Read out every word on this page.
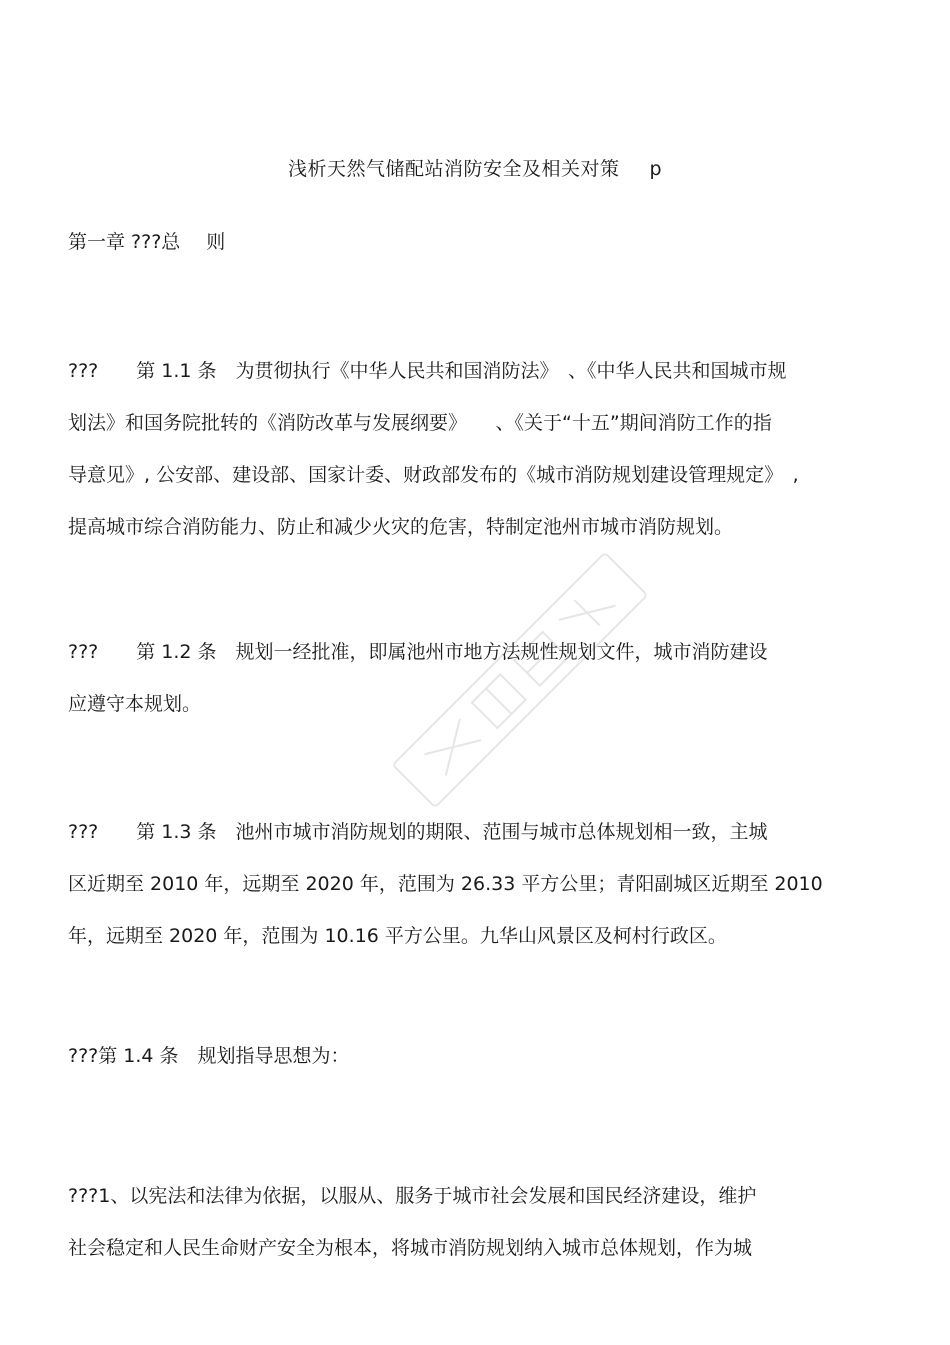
浅析天然气储配站消防安全及相关对策 p
第一章 ???总 则
???　　第 1.1 条　为贯彻执行《中华人民共和国消防法》　、《中华人民共和国城市规
划法》和国务院批转的《消防改革与发展纲要》　　、《关于“十五”期间消防工作的指
导意见》, 公安部、建设部、国家计委、财政部发布的《城市消防规划建设管理规定》　,
提高城市综合消防能力、防止和减少火灾的危害，特制定池州市城市消防规划。
???　　第 1.2 条　规划一经批准，即属池州市地方法规性规划文件，城市消防建设
应遵守本规划。
???　　第 1.3 条　池州市城市消防规划的期限、范围与城市总体规划相一致，主城
区近期至 2010 年，远期至 2020 年，范围为 26.33 平方公里；青阳副城区近期至 2010
年，远期至 2020 年，范围为 10.16 平方公里。九华山风景区及柯村行政区。
???第 1.4 条　规划指导思想为：
???1、以宪法和法律为依据，以服从、服务于城市社会发展和国民经济建设，维护
社会稳定和人民生命财产安全为根本，将城市消防规划纳入城市总体规划，作为城
